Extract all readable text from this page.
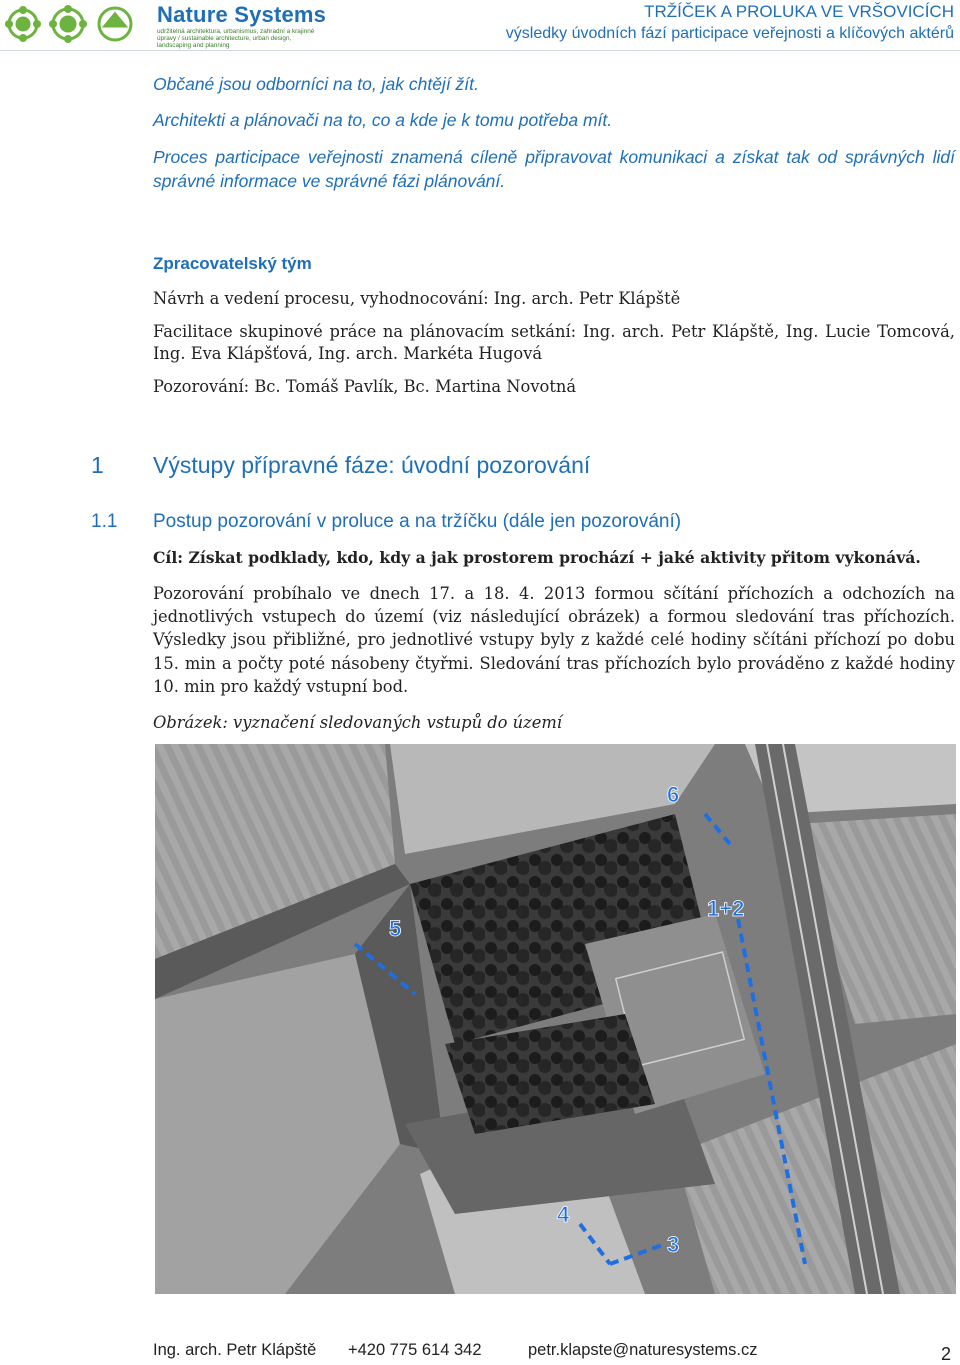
Nature Systems
udržitelná architektura, urbanismus, zahradní a krajinné úpravy / sustainable architecture, urban design, landscaping and planning
TRŽÍČEK A PROLUKA VE VRŠOVICÍCH
výsledky úvodních fází participace veřejnosti a klíčových aktérů
Občané jsou odborníci na to, jak chtějí žít.
Architekti a plánovači na to, co a kde je k tomu potřeba mít.
Proces participace veřejnosti znamená cíleně připravovat komunikaci a získat tak od správných lidí správné informace ve správné fázi plánování.
Zpracovatelský tým
Návrh a vedení procesu, vyhodnocování: Ing. arch. Petr Klápště
Facilitace skupinové práce na plánovacím setkání: Ing. arch. Petr Klápště, Ing. Lucie Tomcová, Ing. Eva Klápšťová, Ing. arch. Markéta Hugová
Pozorování: Bc. Tomáš Pavlík, Bc. Martina Novotná
1 Výstupy přípravné fáze: úvodní pozorování
1.1 Postup pozorování v proluce a na tržíčku (dále jen pozorování)
Cíl: Získat podklady, kdo, kdy a jak prostorem prochází + jaké aktivity přitom vykonává.
Pozorování probíhalo ve dnech 17. a 18. 4. 2013 formou sčítání příchozích a odchozích na jednotlivých vstupech do území (viz následující obrázek) a formou sledování tras příchozích. Výsledky jsou přibližné, pro jednotlivé vstupy byly z každé celé hodiny sčítáni příchozí po dobu 15. min a počty poté násobeny čtyřmi. Sledování tras příchozích bylo prováděno z každé hodiny 10. min pro každý vstupní bod.
Obrázek: vyznačení sledovaných vstupů do území
6
1+2
5
4
3
Ing. arch. Petr Klápště +420 775 614 342	petr.klapste@naturesystems.cz	2
